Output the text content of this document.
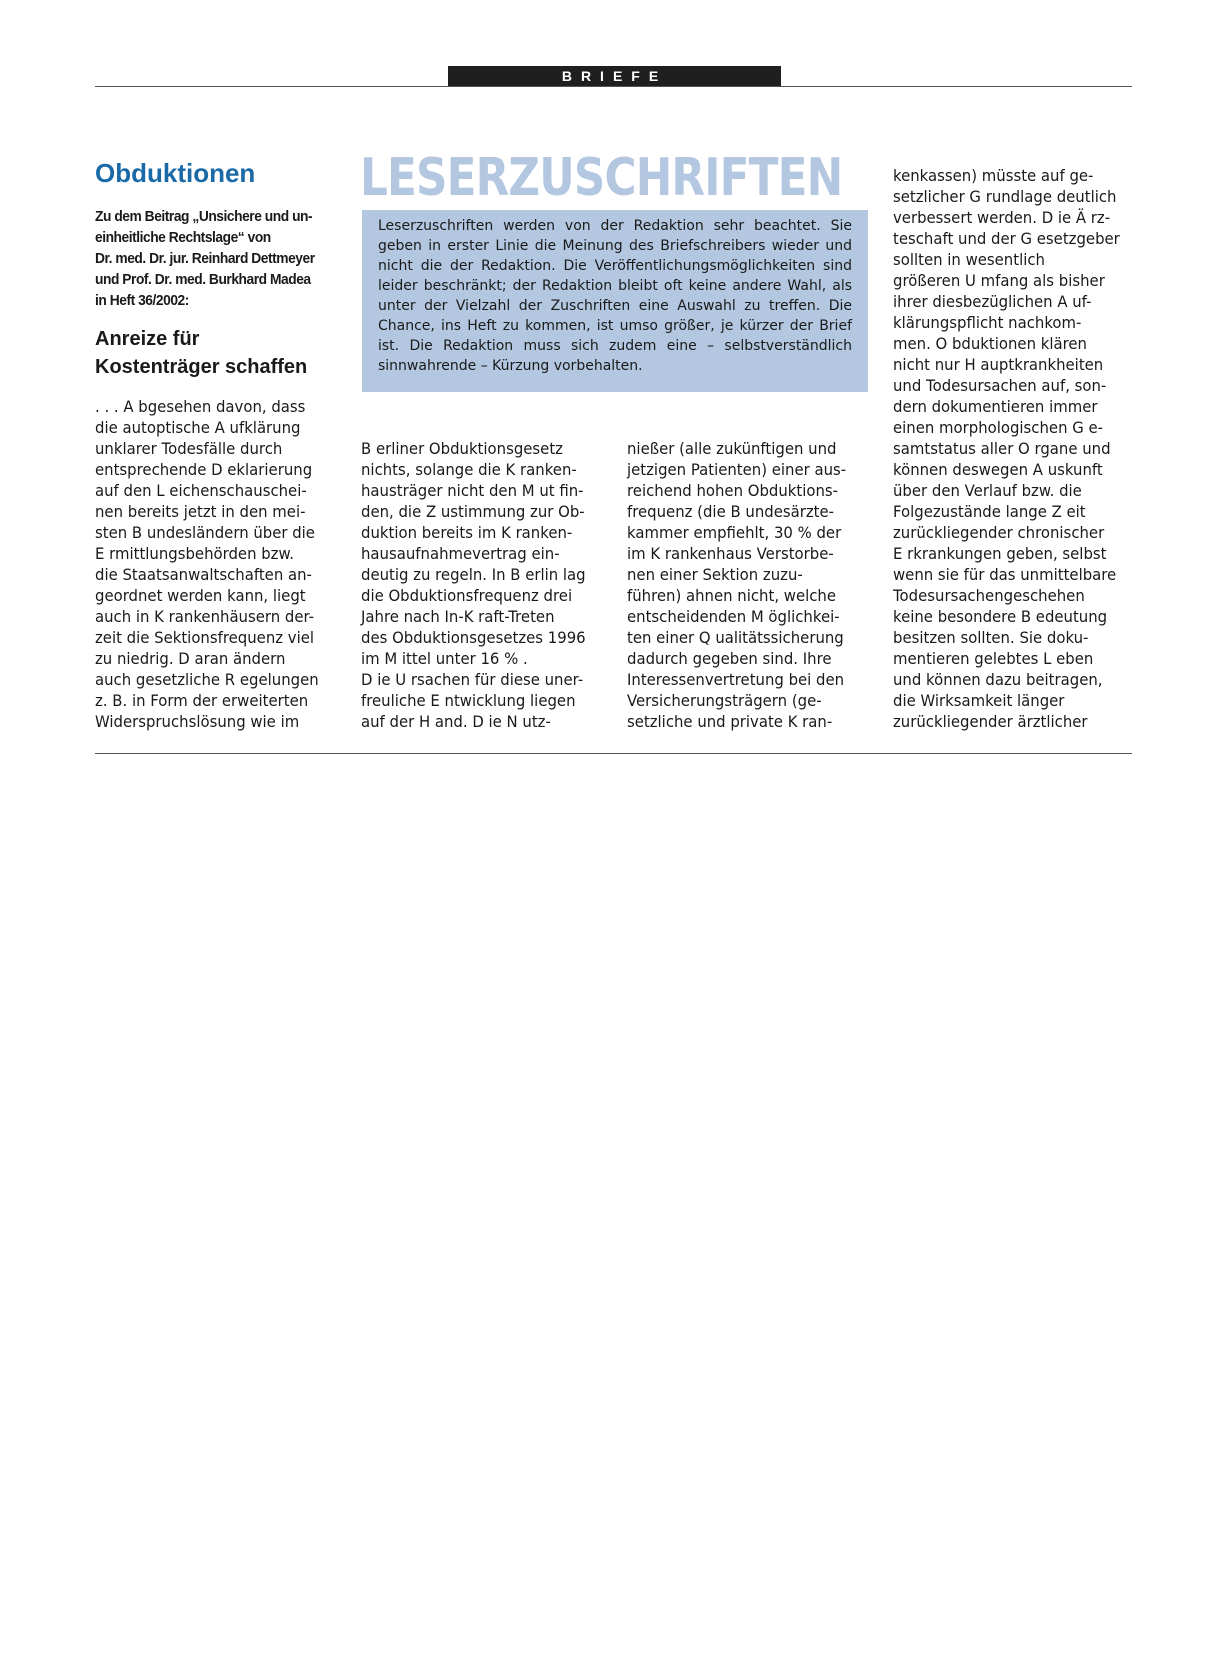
BRIEFE
Obduktionen
Zu dem Beitrag „Unsichere und un-
einheitliche Rechtslage“ von
Dr. med. Dr. jur. Reinhard Dettmeyer
und Prof. Dr. med. Burkhard Madea
in Heft 36/2002:
Anreize für
Kostenträger schaffen
. . . A bgesehen davon, dass
die autoptische A ufklärung
unklarer Todesfälle durch
entsprechende D eklarierung
auf den L eichenschauschei-
nen bereits jetzt in den mei-
sten B undesländern über die
E rmittlungsbehörden bzw.
die Staatsanwaltschaften an-
geordnet werden kann, liegt
auch in K rankenhäusern der-
zeit die Sektionsfrequenz viel
zu niedrig. D aran ändern
auch gesetzliche R egelungen
z. B. in Form der erweiterten
Widerspruchslösung wie im
LESERZUSCHRIFTEN
Leserzuschriften werden von der Redaktion sehr beachtet. Sie geben in erster Linie die Meinung des Briefschreibers wieder und nicht die der Redaktion. Die Veröffentlichungsmöglichkeiten sind leider beschränkt; der Redaktion bleibt oft keine andere Wahl, als unter der Vielzahl der Zuschriften eine Auswahl zu treffen. Die Chance, ins Heft zu kommen, ist umso größer, je kürzer der Brief ist. Die Redaktion muss sich zudem eine – selbstverständlich sinnwahrende – Kürzung vorbehalten.
B erliner Obduktionsgesetz
nichts, solange die K ranken-
hausträger nicht den M ut fin-
den, die Z ustimmung zur Ob-
duktion bereits im K ranken-
hausaufnahmevertrag ein-
deutig zu regeln. In B erlin lag
die Obduktionsfrequenz drei
Jahre nach In-K raft-Treten
des Obduktionsgesetzes 1996
im M ittel unter 16 % .
D ie U rsachen für diese uner-
freuliche E ntwicklung liegen
auf der H and. D ie N utz-
nießer (alle zukünftigen und
jetzigen Patienten) einer aus-
reichend hohen Obduktions-
frequenz (die B undesärzte-
kammer empfiehlt, 30 % der
im K rankenhaus Verstorbe-
nen einer Sektion zuzu-
führen) ahnen nicht, welche
entscheidenden M öglichkei-
ten einer Q ualitätssicherung
dadurch gegeben sind. Ihre
Interessenvertretung bei den
Versicherungsträgern (ge-
setzliche und private K ran-
kenkassen) müsste auf ge-
setzlicher G rundlage deutlich
verbessert werden. D ie Ä rz-
teschaft und der G esetzgeber
sollten in wesentlich
größeren U mfang als bisher
ihrer diesbezüglichen A uf-
klärungspflicht nachkom-
men. O bduktionen klären
nicht nur H auptkrankheiten
und Todesursachen auf, son-
dern dokumentieren immer
einen morphologischen G e-
samtstatus aller O rgane und
können deswegen A uskunft
über den Verlauf bzw. die
Folgezustände lange Z eit
zurückliegender chronischer
E rkrankungen geben, selbst
wenn sie für das unmittelbare
Todesursachengeschehen
keine besondere B edeutung
besitzen sollten. Sie doku-
mentieren gelebtes L eben
und können dazu beitragen,
die Wirksamkeit länger
zurückliegender ärztlicher
